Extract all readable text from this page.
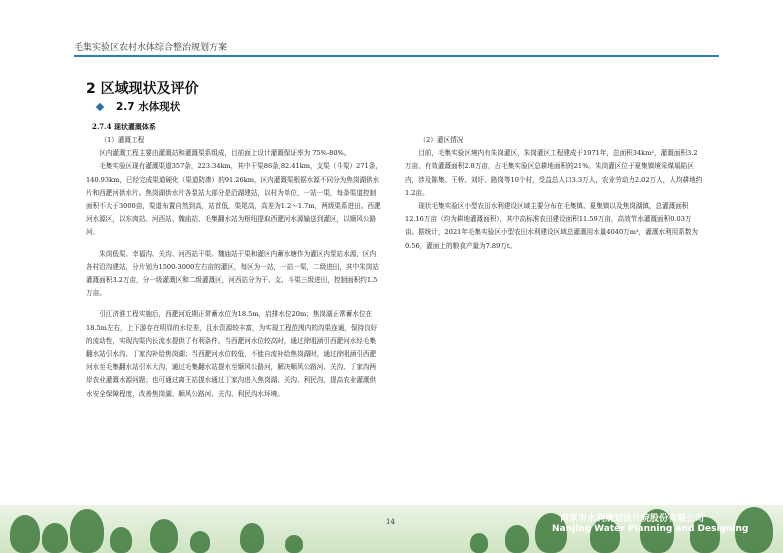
毛集实验区农村水体综合整治规划方案
2 区域现状及评价
2.7 水体现状
2.7.4 现状灌溉体系

（1）灌溉工程

区内灌溉工程主要由灌溉站和灌溉渠系组成，目前面上设计灌溉保证率为 75%-80%。

毛集实验区现有灌溉渠道357条，223.34km，其中干渠86条,82.41km，支渠（斗渠）271条，140.93km，已经完成渠道硬化（渠道防渗）的91.26km，区内灌溉渠根据水源不同分为焦岗湖供水片和西淝河供水片。焦岗湖供水片各泵站大部分是沿湖建站，以村为单位，一站一渠，每条渠道控制面积不大于3000亩，渠道布置自然到高，站首低，渠尾高，高差为1.2～1.7m，两级渠系进田。西淝河水源区，以东肉站、河西站、魏庙站、毛集翻水站为枢纽提取西淝河水源输送到灌区，以顺风公路河、

朱岗低渠、幸福沟、关沟、河西站干渠、魏庙站干渠和灌区内蓄水塘作为灌区内泵站水源，区内各村沿沟建站，分片划为1500-3000左右亩的灌区，每区为一站，一站一渠，二级进田，其中朱岗站灌溉面积3.2万亩，分一级灌溉区和二级灌溉区，河西站分为干、支、斗渠三级进田，控制面积约1.5万亩。

引江济淮工程实施后，西淝河近期正常蓄水位为18.5m，启排水位20m；焦岗湖正常蓄水位在18.5m左右，上下游存在明显的水位差，且水资源较丰富，为实现工程范围内的沟渠连通，保持良好的流动性，实现沟渠内长流水提供了有利条件。当西淝河水位较高时，通过徐咀涵引西淝河水经毛集翻水站引水沟、丁家沟补给焦岗湖；当西淝河水位较低，不能自流补给焦岗湖时，通过徐咀涵引西淝河水至毛集翻水站引水大沟，通过毛集翻水站提水至顺风公路河，解决顺风公路河、关沟、丁家沟两岸农业灌溉水源问题；也可通过离王站提水通过丁家沟进入焦岗湖、关沟、利民沟，提高农业灌溉供水安全保障程度，改善焦岗湖、顺风公路河、关沟、利民沟水环境。

（2）灌区情况

目前，毛集实验区境内有朱岗灌区，朱岗灌区工程建成于1971年，总面积34km²，灌溉面积3.2万亩，有效灌溉面积2.8万亩，占毛集实验区总耕地面积的21%。朱岗灌区位于夏集镇境采煤塌陷区内，涉及陈集、王桥、刘圩、路岗等10个村，受益总人口3.3万人，农业劳动力2.02万人，人均耕地约1.2亩。

现状毛集实验区小型农田水利建设区域主要分布在毛集镇、夏集镇以及焦岗湖镇，总灌溉面积12.16万亩（均为耕地灌溉面积），其中高标准农田建设面积11.59万亩，高效节水灌溉面积0.03万亩。据统计，2021年毛集实验区小型农田水利建设区域总灌溉用水量4040万m³，灌溉水利用系数为0.56，灌面上的粮食产量为7.89万t。

14	南京市水利规划设计院股份有限公司
Nanjing Water Planning and Designing
